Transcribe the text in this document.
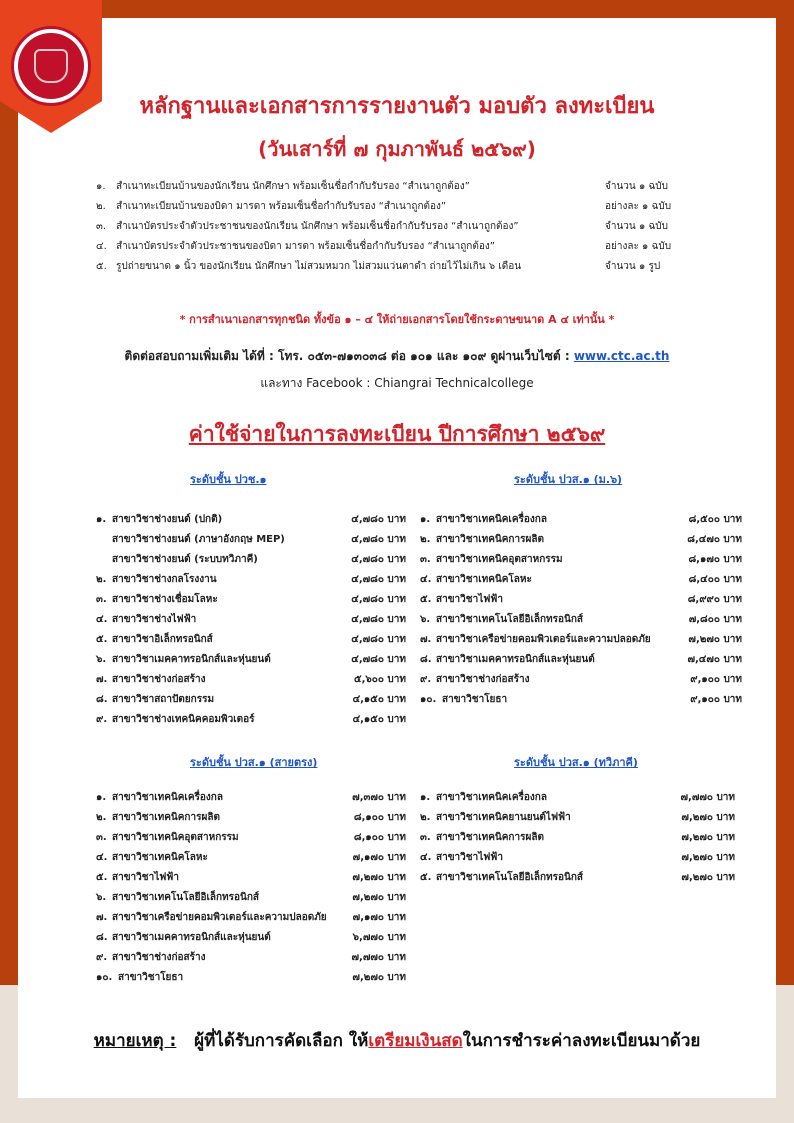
หลักฐานและเอกสารการรายงานตัว มอบตัว ลงทะเบียน
(วันเสาร์ที่ ๗ กุมภาพันธ์ ๒๕๖๙)
๑.	สำเนาทะเบียนบ้านของนักเรียน นักศึกษา พร้อมเซ็นชื่อกำกับรับรอง “สำเนาถูกต้อง”	จำนวน ๑ ฉบับ
๒.	สำเนาทะเบียนบ้านของบิดา มารดา พร้อมเซ็นชื่อกำกับรับรอง “สำเนาถูกต้อง”	อย่างละ ๑ ฉบับ
๓. สำเนาบัตรประจำตัวประชาชนของนักเรียน นักศึกษา พร้อมเซ็นชื่อกำกับรับรอง “สำเนาถูกต้อง”	จำนวน ๑ ฉบับ
๔. สำเนาบัตรประจำตัวประชาชนของบิดา มารดา พร้อมเซ็นชื่อกำกับรับรอง “สำเนาถูกต้อง”	อย่างละ ๑ ฉบับ
๕. รูปถ่ายขนาด ๑ นิ้ว ของนักเรียน นักศึกษา ไม่สวมหมวก ไม่สวมแว่นตาดำ ถ่ายไว้ไม่เกิน ๖ เดือน	จำนวน ๑ รูป
* การสำเนาเอกสารทุกชนิด ทั้งข้อ ๑ – ๔ ให้ถ่ายเอกสารโดยใช้กระดาษขนาด A ๔ เท่านั้น *
ติดต่อสอบถามเพิ่มเติม ได้ที่ : โทร. ๐๕๓-๗๑๓๐๓๘ ต่อ ๑๐๑ และ ๑๐๙ ดูผ่านเว็บไซต์ : www.ctc.ac.th
และทาง Facebook : Chiangrai Technicalcollege
ค่าใช้จ่ายในการลงทะเบียน ปีการศึกษา ๒๕๖๙
ระดับชั้น ปวช.๑	ระดับชั้น ปวส.๑ (ม.๖)
ระดับชั้น ปวส.๑ (สายตรง)	ระดับชั้น ปวส.๑ (ทวิภาคี)
๑. สาขาวิชาช่างยนต์ (ปกติ)	๔,๗๘๐ บาท
สาขาวิชาช่างยนต์ (ภาษาอังกฤษ MEP)	๔,๗๘๐ บาท
สาขาวิชาช่างยนต์ (ระบบทวิภาคี)	๔,๗๘๐ บาท
๒. สาขาวิชาช่างกลโรงงาน	๔,๗๘๐ บาท
๓. สาขาวิชาช่างเชื่อมโลหะ	๔,๗๘๐ บาท
๔. สาขาวิชาช่างไฟฟ้า	๔,๗๘๐ บาท
๕. สาขาวิชาอิเล็กทรอนิกส์	๔,๗๘๐ บาท
๖. สาขาวิชาเมคคาทรอนิกส์และหุ่นยนต์	๔,๗๘๐ บาท
๗. สาขาวิชาช่างก่อสร้าง	๕,๖๐๐ บาท
๘. สาขาวิชาสถาปัตยกรรม	๔,๑๕๐ บาท
๙. สาขาวิชาช่างเทคนิคคอมพิวเตอร์	๔,๑๕๐ บาท
๑. สาขาวิชาเทคนิคเครื่องกล	๘,๕๐๐ บาท
๒. สาขาวิชาเทคนิคการผลิต	๘,๔๗๐ บาท
๓. สาขาวิชาเทคนิคอุตสาหกรรม	๘,๑๗๐ บาท
๔. สาขาวิชาเทคนิคโลหะ	๘,๔๐๐ บาท
๕. สาขาวิชาไฟฟ้า	๘,๙๙๐ บาท
๖. สาขาวิชาเทคโนโลยีอิเล็กทรอนิกส์	๗,๘๐๐ บาท
๗. สาขาวิชาเครือข่ายคอมพิวเตอร์และความปลอดภัย	๗,๒๗๐ บาท
๘. สาขาวิชาเมคคาทรอนิกส์และหุ่นยนต์	๗,๔๗๐ บาท
๙. สาขาวิชาช่างก่อสร้าง	๙,๑๐๐ บาท
๑๐. สาขาวิชาโยธา	๙,๑๐๐ บาท
๑. สาขาวิชาเทคนิคเครื่องกล	๗,๓๗๐ บาท
๒. สาขาวิชาเทคนิคการผลิต	๘,๑๐๐ บาท
๓. สาขาวิชาเทคนิคอุตสาหกรรม	๘,๑๐๐ บาท
๔. สาขาวิชาเทคนิคโลหะ	๗,๑๗๐ บาท
๕. สาขาวิชาไฟฟ้า	๗,๒๗๐ บาท
๖. สาขาวิชาเทคโนโลยีอิเล็กทรอนิกส์	๗,๒๗๐ บาท
๗. สาขาวิชาเครือข่ายคอมพิวเตอร์และความปลอดภัย	๗,๑๗๐ บาท
๘. สาขาวิชาเมคคาทรอนิกส์และหุ่นยนต์	๖,๗๗๐ บาท
๙. สาขาวิชาช่างก่อสร้าง	๗,๗๗๐ บาท
๑๐. สาขาวิชาโยธา	๗,๒๗๐ บาท
๑. สาขาวิชาเทคนิคเครื่องกล	๗,๗๗๐ บาท
๒. สาขาวิชาเทคนิคยานยนต์ไฟฟ้า	๗,๒๗๐ บาท
๓. สาขาวิชาเทคนิคการผลิต	๗,๒๗๐ บาท
๔. สาขาวิชาไฟฟ้า	๗,๒๗๐ บาท
๕. สาขาวิชาเทคโนโลยีอิเล็กทรอนิกส์	๗,๒๗๐ บาท
หมายเหตุ : ผู้ที่ได้รับการคัดเลือก ให้เตรียมเงินสดในการชำระค่าลงทะเบียนมาด้วย
